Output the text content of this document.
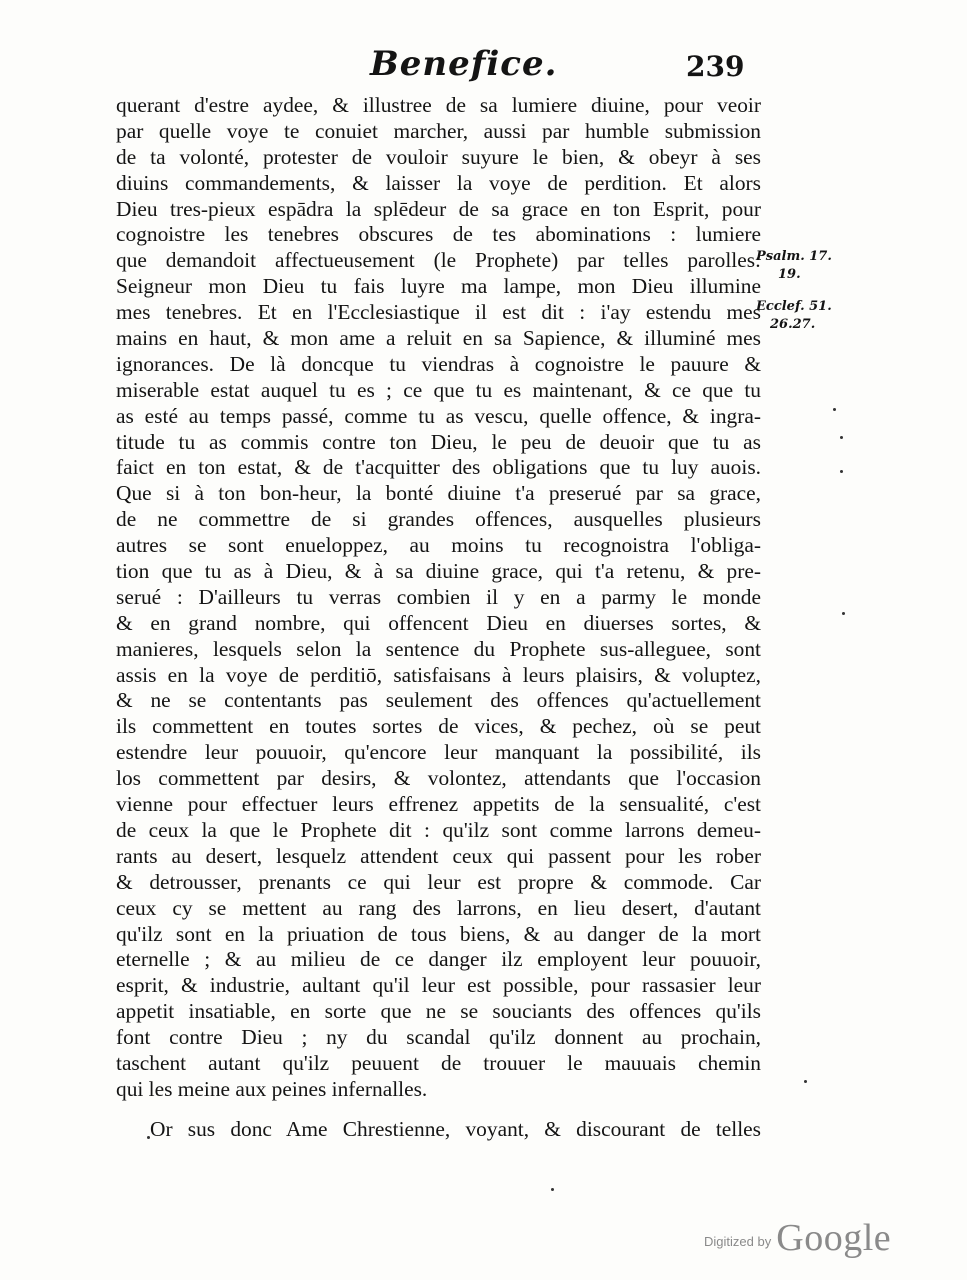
Benefice.	239
querant d'estre aydee, & illustree de sa lumiere diuine, pour veoir
par quelle voye te conuiet marcher, aussi par humble submission
de ta volonté, protester de vouloir suyure le bien, & obeyr à ses
diuins commandements, & laisser la voye de perdition. Et alors
Dieu tres-pieux espādra la splēdeur de sa grace en ton Esprit, pour
cognoistre les tenebres obscures de tes abominations : lumiere
que demandoit affectueusement (le Prophete) par telles parolles:
Seigneur mon Dieu tu fais luyre ma lampe, mon Dieu illumine
mes tenebres. Et en l'Ecclesiastique il est dit : i'ay estendu mes
mains en haut, & mon ame a reluit en sa Sapience, & illuminé mes
ignorances. De là doncque tu viendras à cognoistre le pauure &
miserable estat auquel tu es ; ce que tu es maintenant, & ce que tu
as esté au temps passé, comme tu as vescu, quelle offence, & ingra-
titude tu as commis contre ton Dieu, le peu de deuoir que tu as
faict en ton estat, & de t'acquitter des obligations que tu luy auois.
Que si à ton bon-heur, la bonté diuine t'a preserué par sa grace,
de ne commettre de si grandes offences, ausquelles plusieurs
autres se sont enueloppez, au moins tu recognoistra l'obliga-
tion que tu as à Dieu, & à sa diuine grace, qui t'a retenu, & pre-
serué : D'ailleurs tu verras combien il y en a parmy le monde
& en grand nombre, qui offencent Dieu en diuerses sortes, &
manieres, lesquels selon la sentence du Prophete sus-alleguee, sont
assis en la voye de perditiō, satisfaisans à leurs plaisirs, & voluptez,
& ne se contentants pas seulement des offences qu'actuellement
ils commettent en toutes sortes de vices, & pechez, où se peut
estendre leur pouuoir, qu'encore leur manquant la possibilité, ils
los commettent par desirs, & volontez, attendants que l'occasion
vienne pour effectuer leurs effrenez appetits de la sensualité, c'est
de ceux la que le Prophete dit : qu'ilz sont comme larrons demeu-
rants au desert, lesquelz attendent ceux qui passent pour les rober
& detrousser, prenants ce qui leur est propre & commode. Car
ceux cy se mettent au rang des larrons, en lieu desert, d'autant
qu'ilz sont en la priuation de tous biens, & au danger de la mort
eternelle ; & au milieu de ce danger ilz employent leur pouuoir,
esprit, & industrie, aultant qu'il leur est possible, pour rassasier leur
appetit insatiable, en sorte que ne se souciants des offences qu'ils
font contre Dieu ; ny du scandal qu'ilz donnent au prochain,
taschent autant qu'ilz peuuent de trouuer le mauuais chemin
qui les meine aux peines infernalles.
Or sus donc Ame Chrestienne, voyant, & discourant de telles
Psalm. 17.
19.
Ecclef. 51.
26.27.
$^{Digitized by}$ Google
